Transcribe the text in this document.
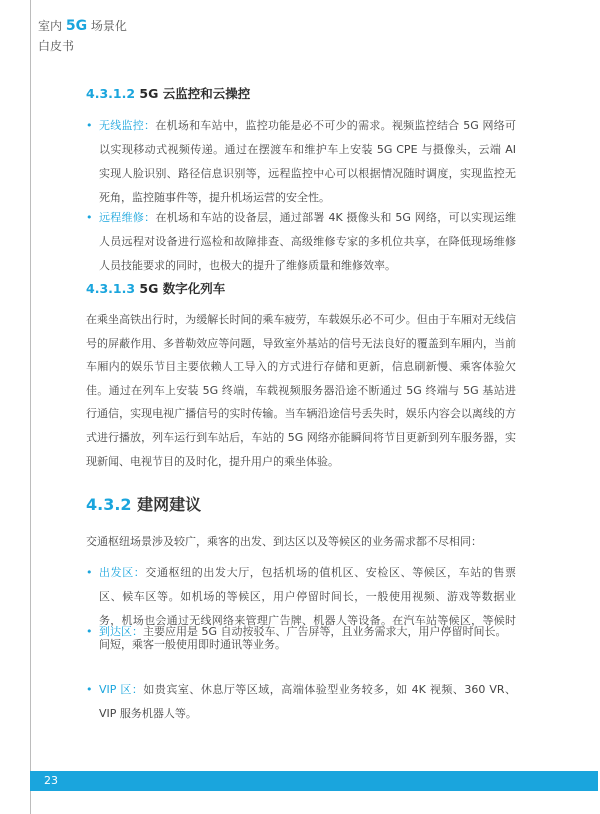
室内 5G 场景化
白皮书
4.3.1.2 5G 云监控和云操控
• 无线监控：在机场和车站中，监控功能是必不可少的需求。视频监控结合 5G 网络可以实现移动式视频传递。通过在摆渡车和维护车上安装 5G CPE 与摄像头，云端 AI 实现人脸识别、路径信息识别等，远程监控中心可以根据情况随时调度，实现监控无死角，监控随事件等，提升机场运营的安全性。
• 远程维修：在机场和车站的设备层，通过部署 4K 摄像头和 5G 网络，可以实现运维人员远程对设备进行巡检和故障排查、高级维修专家的多机位共享，在降低现场维修人员技能要求的同时，也极大的提升了维修质量和维修效率。
4.3.1.3 5G 数字化列车
在乘坐高铁出行时，为缓解长时间的乘车疲劳，车载娱乐必不可少。但由于车厢对无线信号的屏蔽作用、多普勒效应等问题，导致室外基站的信号无法良好的覆盖到车厢内，当前车厢内的娱乐节目主要依赖人工导入的方式进行存储和更新，信息刷新慢、乘客体验欠佳。通过在列车上安装 5G 终端，车载视频服务器沿途不断通过 5G 终端与 5G 基站进行通信，实现电视广播信号的实时传输。当车辆沿途信号丢失时，娱乐内容会以离线的方式进行播放，列车运行到车站后，车站的 5G 网络亦能瞬间将节目更新到列车服务器，实现新闻、电视节目的及时化，提升用户的乘坐体验。
4.3.2 建网建议
交通枢纽场景涉及较广，乘客的出发、到达区以及等候区的业务需求都不尽相同：
• 出发区：交通枢纽的出发大厅，包括机场的值机区、安检区、等候区，车站的售票区、候车区等。如机场的等候区，用户停留时间长，一般使用视频、游戏等数据业务，机场也会通过无线网络来管理广告牌、机器人等设备。在汽车站等候区，等候时间短，乘客一般使用即时通讯等业务。
• 到达区：主要应用是 5G 自动按驳车、广告屏等，且业务需求大，用户停留时间长。
• VIP 区：如贵宾室、休息厅等区域，高端体验型业务较多，如 4K 视频、360 VR、VIP 服务机器人等。
23
